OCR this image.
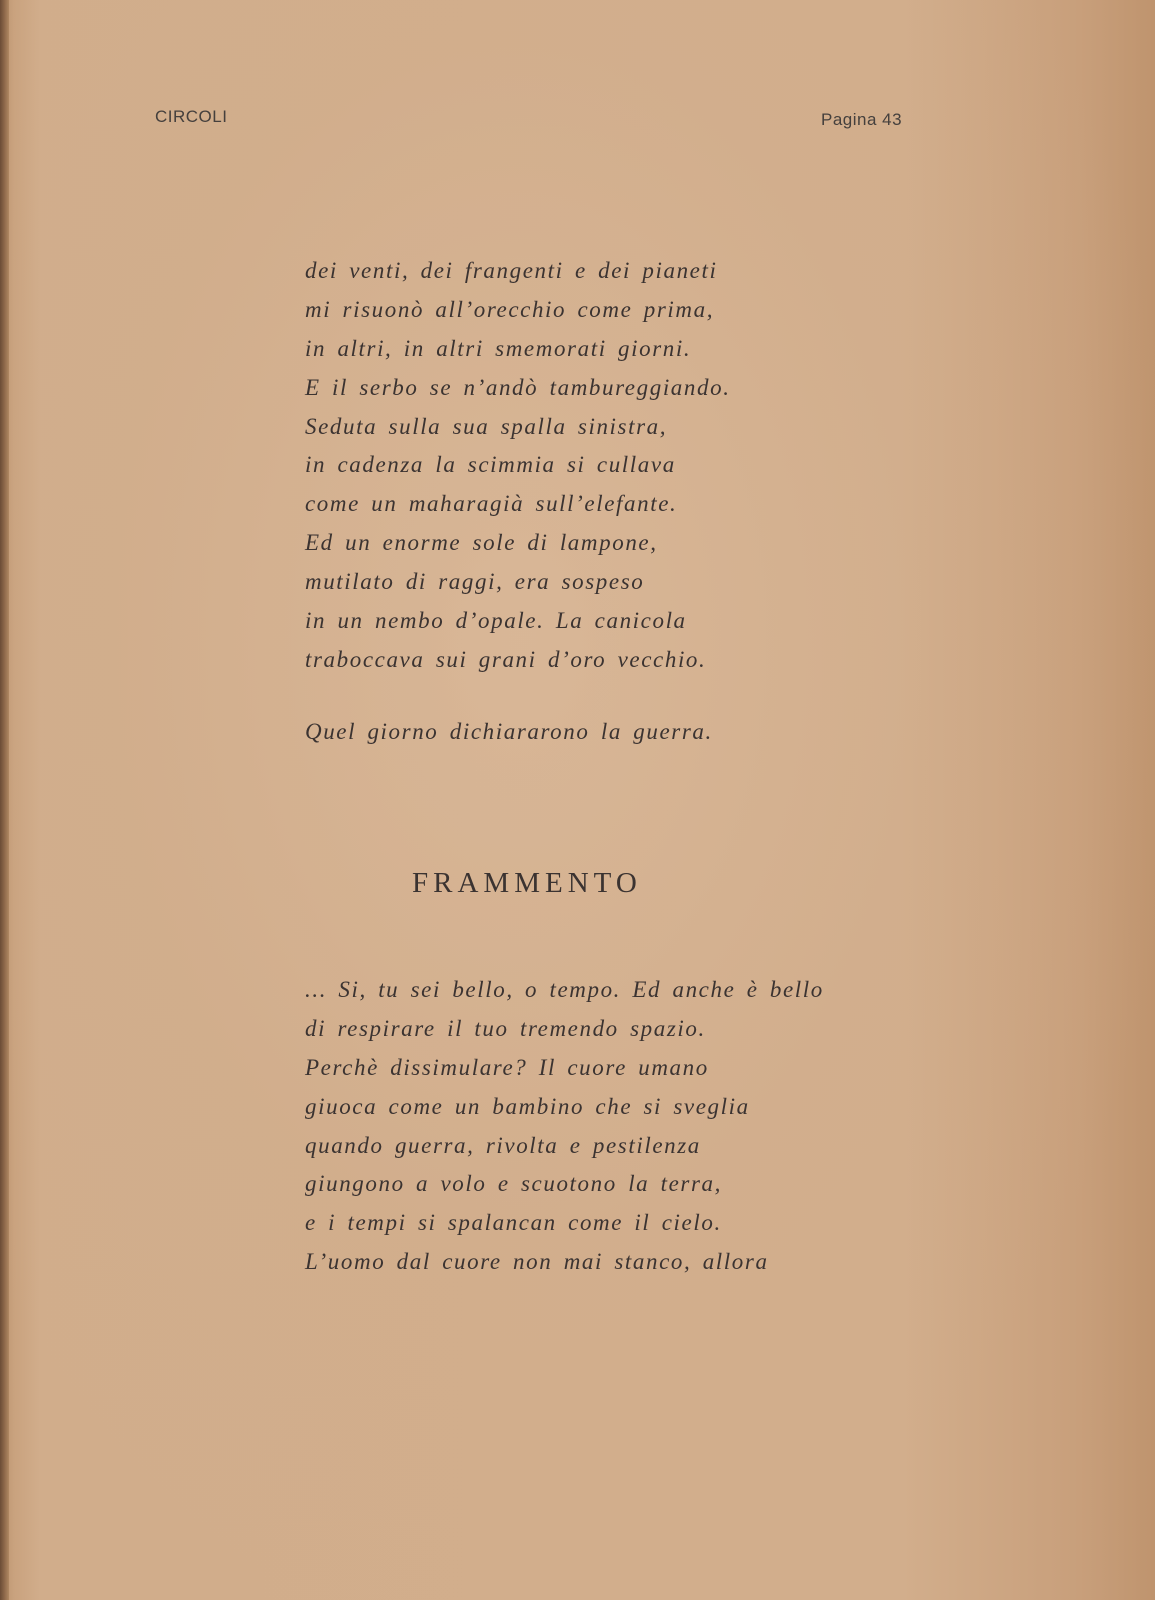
CIRCOLI	Pagina 43
dei venti, dei frangenti e dei pianeti
mi risuonò all’orecchio come prima,
in altri, in altri smemorati giorni.
E il serbo se n’andò tambureggiando.
Seduta sulla sua spalla sinistra,
in cadenza la scimmia si cullava
come un maharagià sull’elefante.
Ed un enorme sole di lampone,
mutilato di raggi, era sospeso
in un nembo d’opale. La canicola
traboccava sui grani d’oro vecchio.
Quel giorno dichiararono la guerra.
FRAMMENTO
... Si, tu sei bello, o tempo. Ed anche è bello
di respirare il tuo tremendo spazio.
Perchè dissimulare? Il cuore umano
giuoca come un bambino che si sveglia
quando guerra, rivolta e pestilenza
giungono a volo e scuotono la terra,
e i tempi si spalancan come il cielo.
L’uomo dal cuore non mai stanco, allora
